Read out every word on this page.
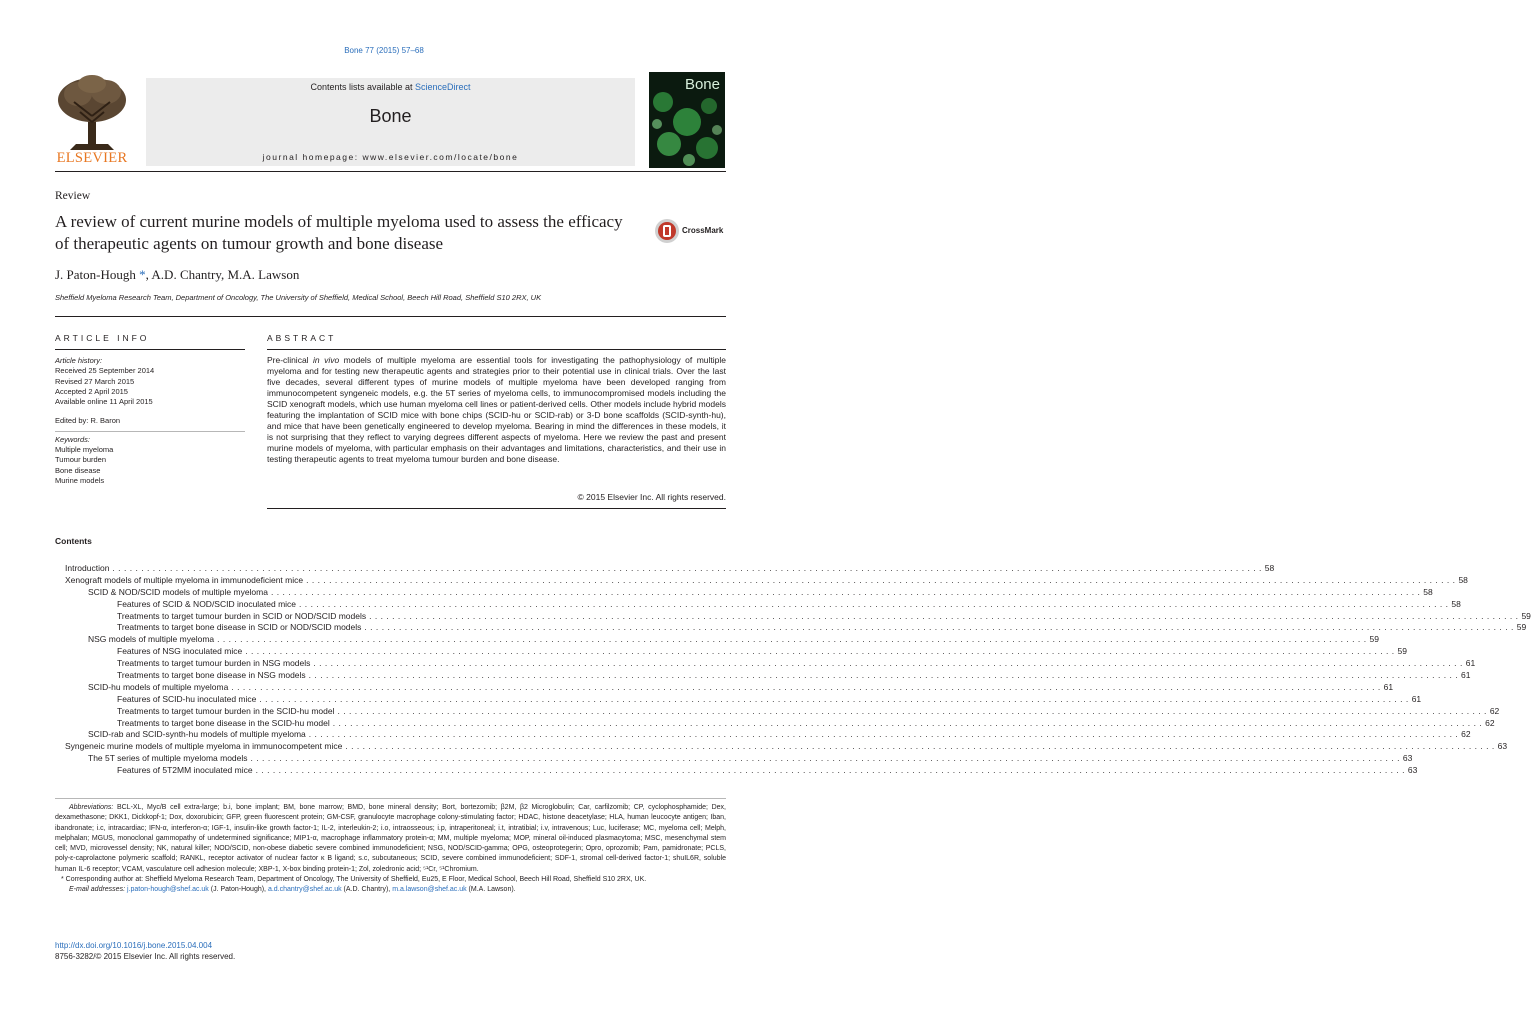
Bone 77 (2015) 57–68
ELSEVIER
Contents lists available at ScienceDirect
Bone
journal homepage: www.elsevier.com/locate/bone
Bone
Review
A review of current murine models of multiple myeloma used to assess the efficacy of therapeutic agents on tumour growth and bone disease
CrossMark
J. Paton-Hough *, A.D. Chantry, M.A. Lawson
Sheffield Myeloma Research Team, Department of Oncology, The University of Sheffield, Medical School, Beech Hill Road, Sheffield S10 2RX, UK
ARTICLE INFO	ABSTRACT
Article history:
Received 25 September 2014
Revised 27 March 2015
Accepted 2 April 2015
Available online 11 April 2015
Edited by: R. Baron
Keywords:
Multiple myeloma
Tumour burden
Bone disease
Murine models
Pre-clinical in vivo models of multiple myeloma are essential tools for investigating the pathophysiology of multiple myeloma and for testing new therapeutic agents and strategies prior to their potential use in clinical trials. Over the last five decades, several different types of murine models of multiple myeloma have been developed ranging from immunocompetent syngeneic models, e.g. the 5T series of myeloma cells, to immunocompromised models including the SCID xenograft models, which use human myeloma cell lines or patient-derived cells. Other models include hybrid models featuring the implantation of SCID mice with bone chips (SCID-hu or SCID-rab) or 3-D bone scaffolds (SCID-synth-hu), and mice that have been genetically engineered to develop myeloma. Bearing in mind the differences in these models, it is not surprising that they reflect to varying degrees different aspects of myeloma. Here we review the past and present murine models of myeloma, with particular emphasis on their advantages and limitations, characteristics, and their use in testing therapeutic agents to treat myeloma tumour burden and bone disease.
© 2015 Elsevier Inc. All rights reserved.
Contents
Introduction ........................................................................................................................................................................................................ 58
Xenograft models of multiple myeloma in immunodeficient mice ........................................................................................................................................................................................................ 58
SCID & NOD/SCID models of multiple myeloma ........................................................................................................................................................................................................ 58
Features of SCID & NOD/SCID inoculated mice ........................................................................................................................................................................................................ 58
Treatments to target tumour burden in SCID or NOD/SCID models ........................................................................................................................................................................................................ 59
Treatments to target bone disease in SCID or NOD/SCID models ........................................................................................................................................................................................................ 59
NSG models of multiple myeloma ........................................................................................................................................................................................................ 59
Features of NSG inoculated mice ........................................................................................................................................................................................................ 59
Treatments to target tumour burden in NSG models ........................................................................................................................................................................................................ 61
Treatments to target bone disease in NSG models ........................................................................................................................................................................................................ 61
SCID-hu models of multiple myeloma ........................................................................................................................................................................................................ 61
Features of SCID-hu inoculated mice ........................................................................................................................................................................................................ 61
Treatments to target tumour burden in the SCID-hu model ........................................................................................................................................................................................................ 62
Treatments to target bone disease in the SCID-hu model ........................................................................................................................................................................................................ 62
SCID-rab and SCID-synth-hu models of multiple myeloma ........................................................................................................................................................................................................ 62
Syngeneic murine models of multiple myeloma in immunocompetent mice ........................................................................................................................................................................................................ 63
The 5T series of multiple myeloma models ........................................................................................................................................................................................................ 63
Features of 5T2MM inoculated mice ........................................................................................................................................................................................................ 63

Abbreviations: BCL-XL, Myc/B cell extra-large; b.i, bone implant; BM, bone marrow; BMD, bone mineral density; Bort, bortezomib; β2M, β2 Microglobulin; Car, carfilzomib; CP, cyclophosphamide; Dex, dexamethasone; DKK1, Dickkopf-1; Dox, doxorubicin; GFP, green fluorescent protein; GM-CSF, granulocyte macrophage colony-stimulating factor; HDAC, histone deacetylase; HLA, human leucocyte antigen; Iban, ibandronate; i.c, intracardiac; IFN-α, interferon-α; IGF-1, insulin-like growth factor-1; IL-2, interleukin-2; i.o, intraosseous; i.p, intraperitoneal; i.t, intratibial; i.v, intravenous; Luc, luciferase; MC, myeloma cell; Melph, melphalan; MGUS, monoclonal gammopathy of undetermined significance; MIP1-α, macrophage inflammatory protein-α; MM, multiple myeloma; MOP, mineral oil-induced plasmacytoma; MSC, mesenchymal stem cell; MVD, microvessel density; NK, natural killer; NOD/SCID, non-obese diabetic severe combined immunodeficient; NSG, NOD/SCID-gamma; OPG, osteoprotegerin; Opro, oprozomib; Pam, pamidronate; PCLS, poly-ε-caprolactone polymeric scaffold; RANKL, receptor activator of nuclear factor κ B ligand; s.c, subcutaneous; SCID, severe combined immunodeficient; SDF-1, stromal cell-derived factor-1; shuIL6R, soluble human IL-6 receptor; VCAM, vasculature cell adhesion molecule; XBP-1, X-box binding protein-1; Zol, zoledronic acid; ⁵¹Cr, ⁵¹Chromium.

* Corresponding author at: Sheffield Myeloma Research Team, Department of Oncology, The University of Sheffield, Eu25, E Floor, Medical School, Beech Hill Road, Sheffield S10 2RX, UK.

E-mail addresses: j.paton-hough@shef.ac.uk (J. Paton-Hough), a.d.chantry@shef.ac.uk (A.D. Chantry), m.a.lawson@shef.ac.uk (M.A. Lawson).

http://dx.doi.org/10.1016/j.bone.2015.04.004
8756-3282/© 2015 Elsevier Inc. All rights reserved.
